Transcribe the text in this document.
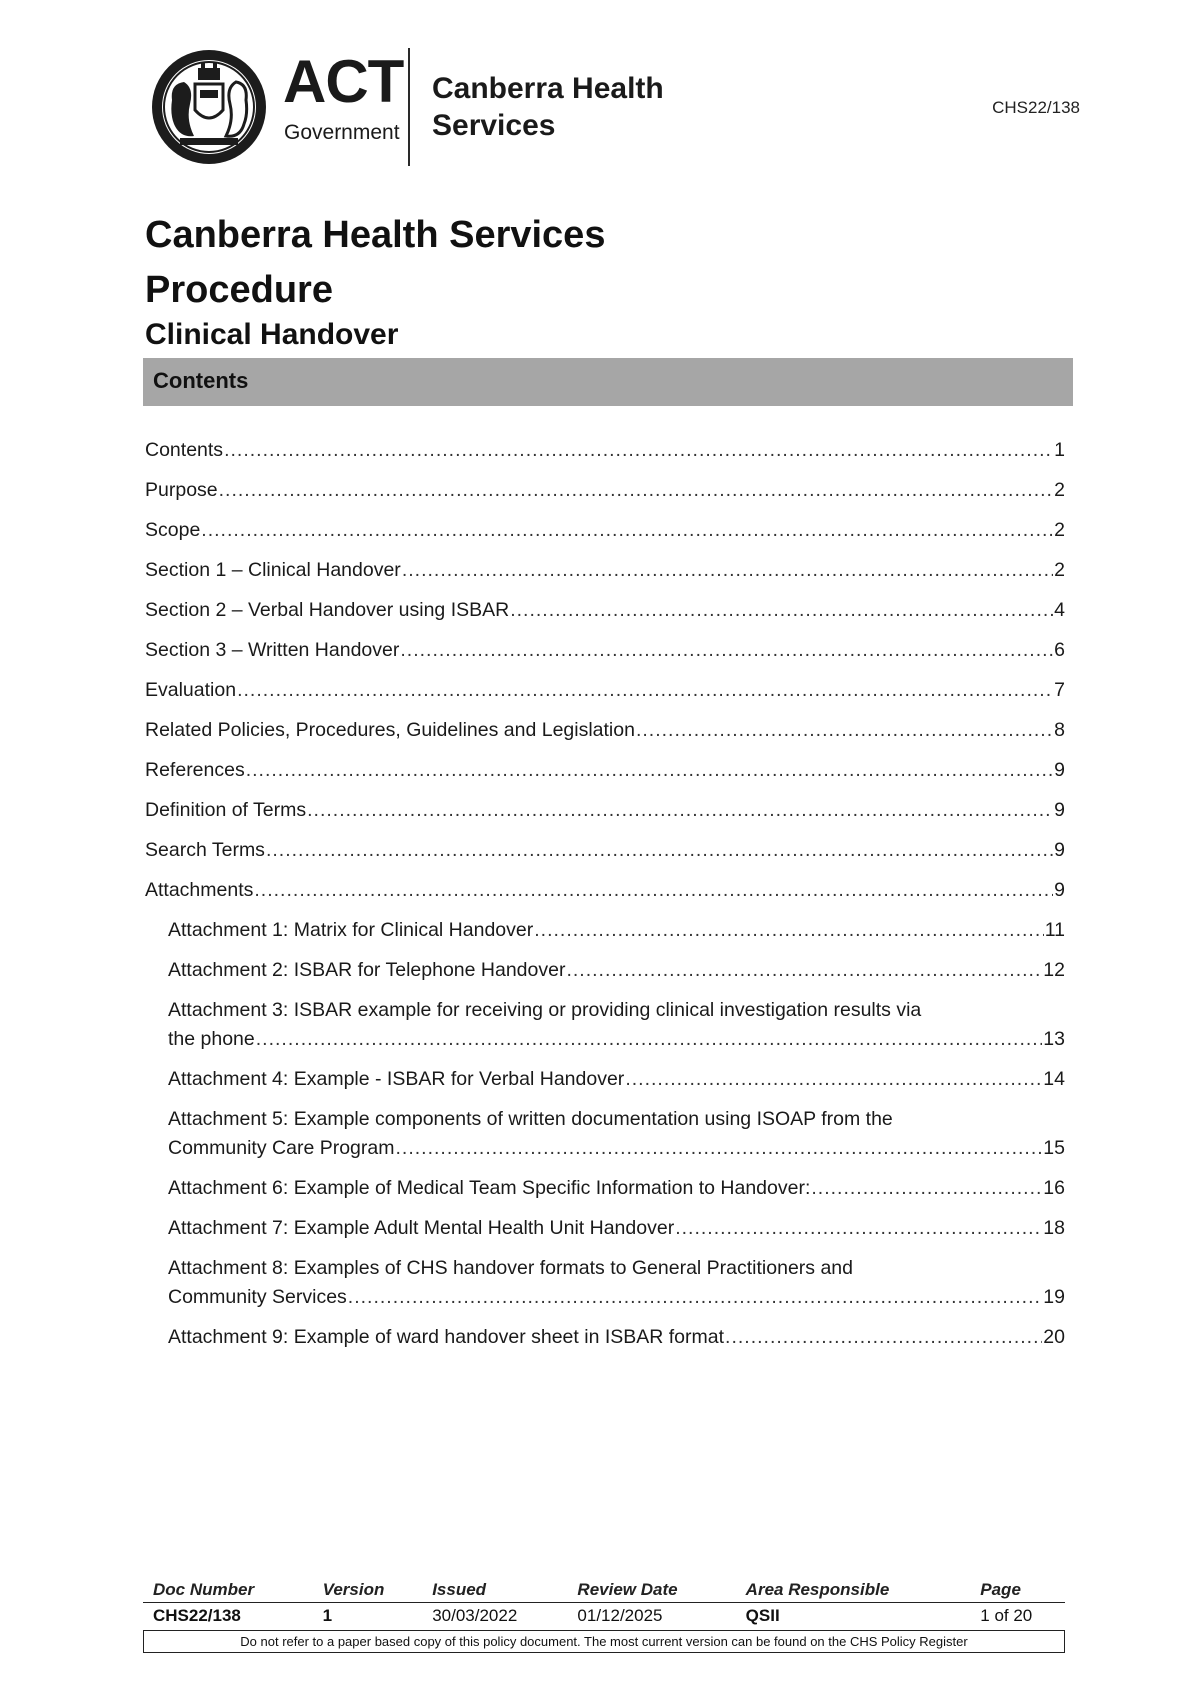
ACT
Government
Canberra Health
Services
CHS22/138
Canberra Health Services
Procedure
Clinical Handover
Contents
Contents .....	1
Purpose .....	2
Scope .....	2
Section 1 – Clinical Handover .....	2
Section 2 – Verbal Handover using ISBAR .....	4
Section 3 – Written Handover .....	6
Evaluation .....	7
Related Policies, Procedures, Guidelines and Legislation .....	8
References .....	9
Definition of Terms .....	9
Search Terms .....	9
Attachments .....	9
Attachment 1: Matrix for Clinical Handover .....	11
Attachment 2: ISBAR for Telephone Handover .....	12
Attachment 3: ISBAR example for receiving or providing clinical investigation results via
the phone .....	13
Attachment 4: Example - ISBAR for Verbal Handover .....	14
Attachment 5: Example components of written documentation using ISOAP from the
Community Care Program .....	15
Attachment 6: Example of Medical Team Specific Information to Handover: .....	16
Attachment 7: Example Adult Mental Health Unit Handover .....	18
Attachment 8: Examples of CHS handover formats to General Practitioners and
Community Services .....	19
Attachment 9: Example of ward handover sheet in ISBAR format .....	20
Doc Number	Version	Issued	Review Date	Area Responsible	Page
CHS22/138	1	30/03/2022	01/12/2025	QSII	1 of 20
Do not refer to a paper based copy of this policy document. The most current version can be found on the CHS Policy Register
